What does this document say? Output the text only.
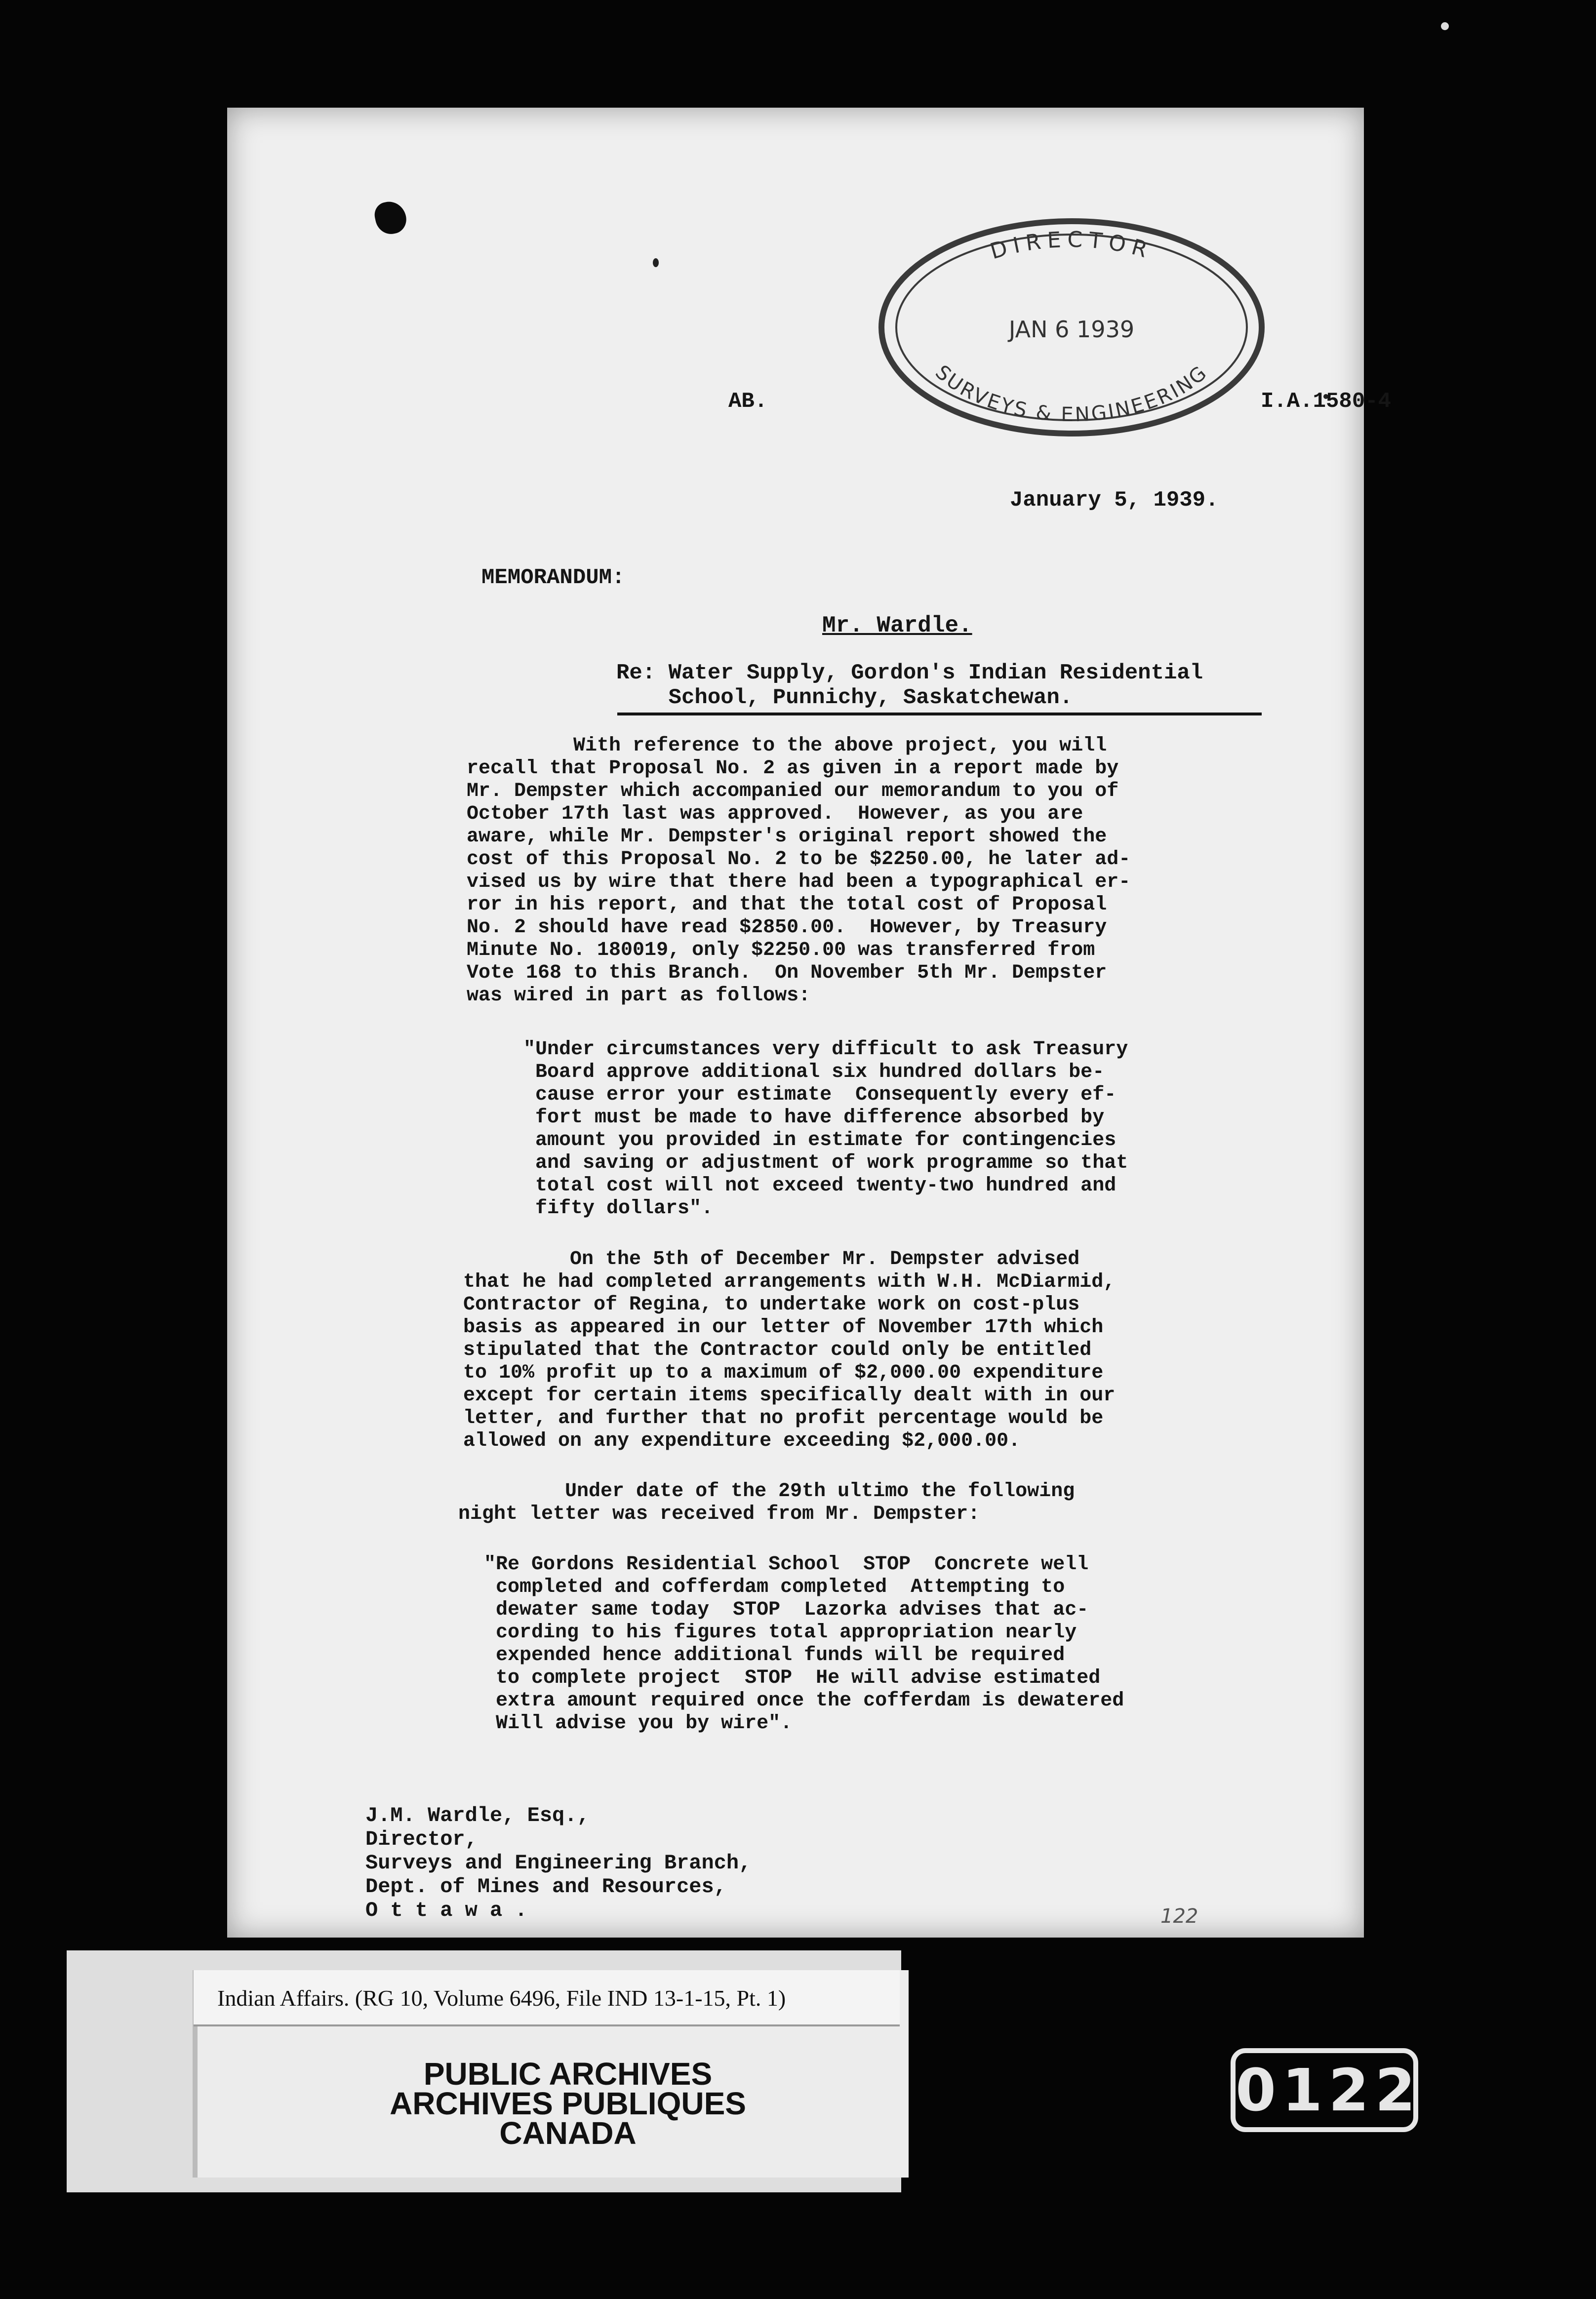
DIRECTOR
JAN 6 1939
SURVEYS & ENGINEERING
AB.	I.A.1580-4
January 5, 1939.
MEMORANDUM:
Mr. Wardle.
Re: Water Supply, Gordon's Indian Residential
School, Punnichy, Saskatchewan.
With reference to the above project, you will
recall that Proposal No. 2 as given in a report made by
Mr. Dempster which accompanied our memorandum to you of
October 17th last was approved.  However, as you are
aware, while Mr. Dempster's original report showed the
cost of this Proposal No. 2 to be $2250.00, he later ad-
vised us by wire that there had been a typographical er-
ror in his report, and that the total cost of Proposal
No. 2 should have read $2850.00.  However, by Treasury
Minute No. 180019, only $2250.00 was transferred from
Vote 168 to this Branch.  On November 5th Mr. Dempster
was wired in part as follows:
"Under circumstances very difficult to ask Treasury
Board approve additional six hundred dollars be-
cause error your estimate  Consequently every ef-
fort must be made to have difference absorbed by
amount you provided in estimate for contingencies
and saving or adjustment of work programme so that
total cost will not exceed twenty-two hundred and
fifty dollars".
On the 5th of December Mr. Dempster advised
that he had completed arrangements with W.H. McDiarmid,
Contractor of Regina, to undertake work on cost-plus
basis as appeared in our letter of November 17th which
stipulated that the Contractor could only be entitled
to 10% profit up to a maximum of $2,000.00 expenditure
except for certain items specifically dealt with in our
letter, and further that no profit percentage would be
allowed on any expenditure exceeding $2,000.00.
Under date of the 29th ultimo the following
night letter was received from Mr. Dempster:
"Re Gordons Residential School  STOP  Concrete well
completed and cofferdam completed  Attempting to
dewater same today  STOP  Lazorka advises that ac-
cording to his figures total appropriation nearly
expended hence additional funds will be required
to complete project  STOP  He will advise estimated
extra amount required once the cofferdam is dewatered
Will advise you by wire".
J.M. Wardle, Esq.,
Director,
Surveys and Engineering Branch,
Dept. of Mines and Resources,
O t t a w a .	122
Indian Affairs. (RG 10, Volume 6496, File IND 13-1-15, Pt. 1)
PUBLIC ARCHIVES
ARCHIVES PUBLIQUES
CANADA
0122
